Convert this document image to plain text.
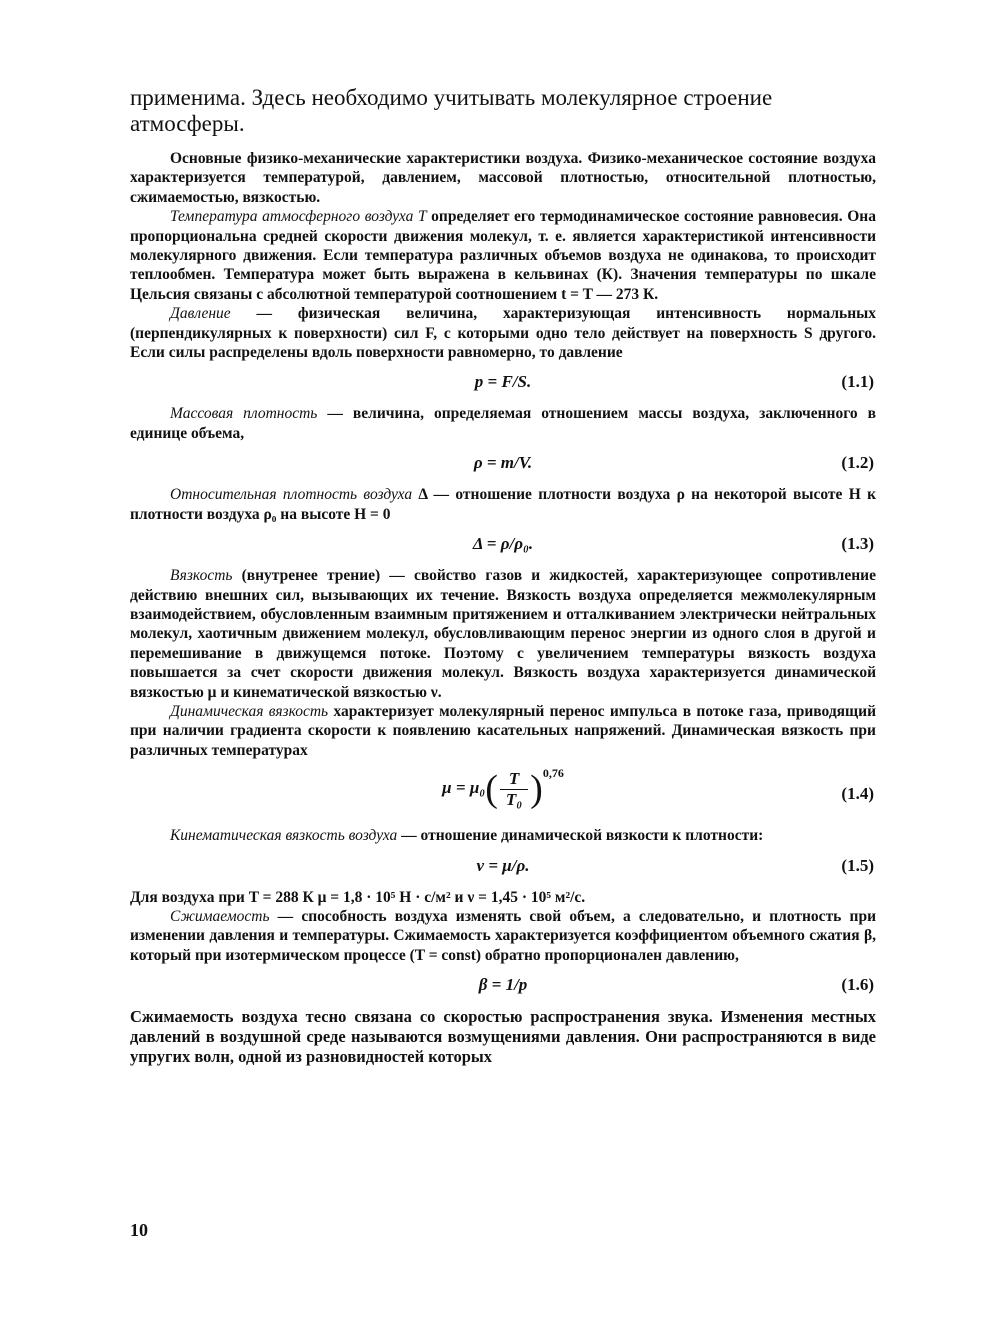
применима. Здесь необходимо учитывать молекулярное строение атмосферы.

Основные физико-механические характеристики воздуха. Физико-механическое состояние воздуха характеризуется температурой, давлением, массовой плотностью, относительной плотностью, сжимаемостью, вязкостью.

Температура атмосферного воздуха T определяет его термодинамическое состояние равновесия. Она пропорциональна средней скорости движения молекул, т. е. является характеристикой интенсивности молекулярного движения. Если температура различных объемов воздуха не одинакова, то происходит теплообмен. Температура может быть выражена в кельвинах (К). Значения температуры по шкале Цельсия связаны с абсолютной температурой соотношением t = T — 273 К.

Давление — физическая величина, характеризующая интенсивность нормальных (перпендикулярных к поверхности) сил F, с которыми одно тело действует на поверхность S другого. Если силы распределены вдоль поверхности равномерно, то давление

p = F/S.	(1.1)

Массовая плотность — величина, определяемая отношением массы воздуха, заключенного в единице объема,

ρ = m/V.	(1.2)

Относительная плотность воздуха Δ — отношение плотности воздуха ρ на некоторой высоте H к плотности воздуха ρ₀ на высоте H = 0

Δ = ρ/ρ₀.	(1.3)

Вязкость (внутренее трение) — свойство газов и жидкостей, характеризующее сопротивление действию внешних сил, вызывающих их течение. Вязкость воздуха определяется межмолекулярным взаимодействием, обусловленным взаимным притяжением и отталкиванием электрически нейтральных молекул, хаотичным движением молекул, обусловливающим перенос энергии из одного слоя в другой и перемешивание в движущемся потоке. Поэтому с увеличением температуры вязкость воздуха повышается за счет скорости движения молекул. Вязкость воздуха характеризуется динамической вязкостью μ и кинематической вязкостью ν.

Динамическая вязкость характеризует молекулярный перенос импульса в потоке газа, приводящий при наличии градиента скорости к появлению касательных напряжений. Динамическая вязкость при различных температурах

$\mu = \mu_0( \frac{T}{\text{T₀}} )^{0,76}$
(1.4)

Кинематическая вязкость воздуха — отношение динамической вязкости к плотности:

ν = μ/ρ.	(1.5)

Для воздуха при T = 288 К μ = 1,8 · 10⁵ Н · с/м² и ν = 1,45 · 10⁵ м²/с.

Сжимаемость — способность воздуха изменять свой объем, а следовательно, и плотность при изменении давления и температуры. Сжимаемость характеризуется коэффициентом объемного сжатия β, который при изотермическом процессе (T = const) обратно пропорционален давлению,

β = 1/p	(1.6)

Сжимаемость воздуха тесно связана со скоростью распространения звука. Изменения местных давлений в воздушной среде называются возмущениями давления. Они распространяются в виде упругих волн, одной из разновидностей которых

10
